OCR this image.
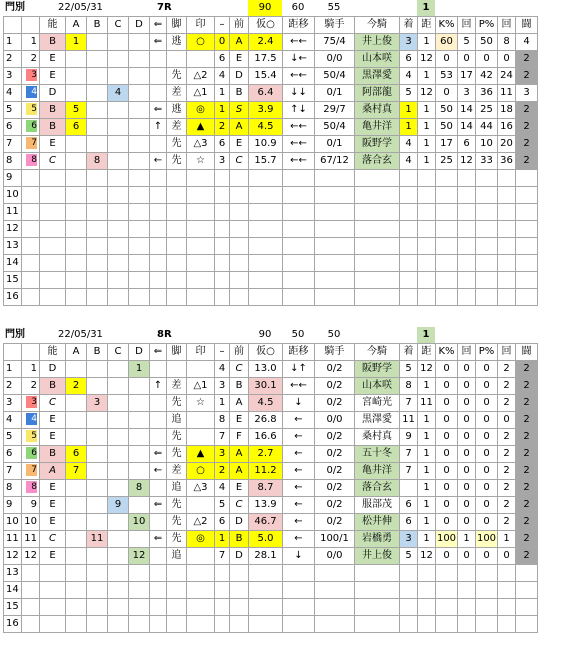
門別	22/05/31	7R	90	60	55	1
		能	A	B	C	D	⇐	脚	印	–	前	仮○	距移	騎手	今騎	着	距	K%	回	P%	回	闘
1	1	B	1				⇐	逃	○	0	A	2.4	←←	75/4	井上俊	3	1	60	5	50	8	4
2	2	E								6	E	17.5	↓←	0/0	山本咲	6	12	0	0	0	0	2
3	3	E						先	△2	4	D	15.4	←←	50/4	黒澤愛	4	1	53	17	42	24	2
4	4	D			4			差	△1	1	B	6.4	↓↓	0/1	阿部龍	5	12	0	3	36	11	3
5	5	B	5				⇐	逃	◎	1	S	3.9	↑↓	29/7	桑村真	1	1	50	14	25	18	2
6	6	B	6				↑	差	▲	2	A	4.5	←←	50/4	亀井洋	1	1	50	14	44	16	2
7	7	E						先	△3	6	E	10.9	←←	0/1	阪野学	4	1	17	6	10	20	2
8	8	C		8			←	先	☆	3	C	15.7	←←	67/12	落合玄	4	1	25	12	33	36	2
9																						
10																						
11																						
12																						
13																						
14																						
15																						
16																						
門別	22/05/31	8R	90	50	50	1
		能	A	B	C	D	⇐	脚	印	–	前	仮○	距移	騎手	今騎	着	距	K%	回	P%	回	闘
1	1	D				1				4	C	13.0	↓↑	0/2	阪野学	5	12	0	0	0	2	2
2	2	B	2				↑	差	△1	3	B	30.1	←←	0/2	山本咲	8	1	0	0	0	2	2
3	3	C		3				先	☆	1	A	4.5	↓	0/2	宮崎光	7	11	0	0	0	2	2
4	4	E						追		8	E	26.8	←	0/0	黒澤愛	11	1	0	0	0	0	2
5	5	E						先		7	F	16.6	←	0/2	桑村真	9	1	0	0	0	2	2
6	6	B	6				⇐	先	▲	3	A	2.7	←	0/2	五十冬	7	1	0	0	0	2	2
7	7	A	7				←	差	○	2	A	11.2	←	0/2	亀井洋	7	1	0	0	0	2	2
8	8	E				8		追	△3	4	E	8.7	←	0/2	落合玄		1	0	0	0	2	2
9	9	E			9		⇐	先		5	C	13.9	←	0/2	服部茂	6	1	0	0	0	2	2
10	10	E				10		先	△2	6	D	46.7	←	0/2	松井伸	6	1	0	0	0	2	2
11	11	C		11			⇐	先	◎	1	B	5.0	←	100/1	岩橋勇	3	1	100	1	100	1	2
12	12	E				12		追		7	D	28.1	↓	0/0	井上俊	5	12	0	0	0	0	2
13																						
14																						
15																						
16																						
